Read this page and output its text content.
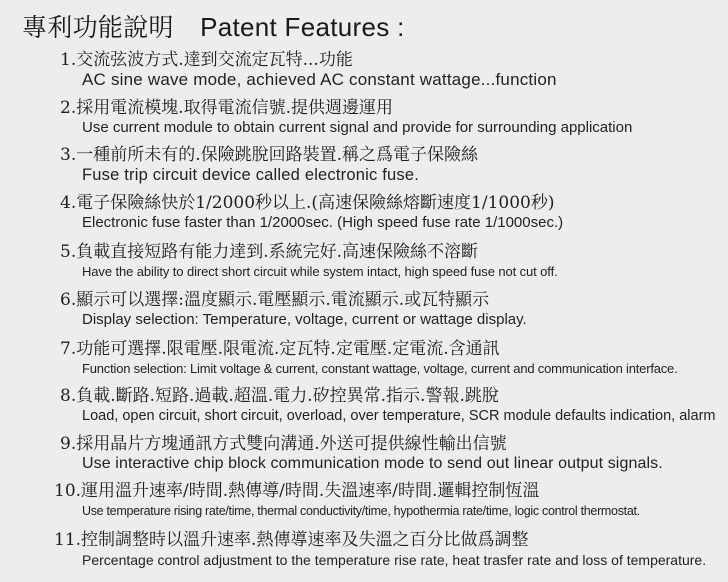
專利功能說明 Patent Features :
1.交流弦波方式.達到交流定瓦特...功能
AC sine wave mode, achieved AC constant wattage...function
2.採用電流模塊.取得電流信號.提供週邊運用
Use current module to obtain current signal and provide for surrounding application
3.一種前所未有的.保險跳脫回路裝置.稱之爲電子保險絲
Fuse trip circuit device called electronic fuse.
4.電子保險絲快於1/2000秒以上.(高速保險絲熔斷速度1/1000秒)
Electronic fuse faster than 1/2000sec. (High speed fuse rate 1/1000sec.)
5.負載直接短路有能力達到.系統完好.高速保險絲不溶斷
Have the ability to direct short circuit while system intact, high speed fuse not cut off.
6.顯示可以選擇:溫度顯示.電壓顯示.電流顯示.或瓦特顯示
Display selection: Temperature, voltage, current or wattage display.
7.功能可選擇.限電壓.限電流.定瓦特.定電壓.定電流.含通訊
Function selection: Limit voltage & current, constant wattage, voltage, current and communication interface.
8.負載.斷路.短路.過載.超溫.電力.矽控異常.指示.警報.跳脫
Load, open circuit, short circuit, overload, over temperature, SCR module defaults indication, alarm
9.採用晶片方塊通訊方式雙向溝通.外送可提供線性輸出信號
Use interactive chip block communication mode to send out linear output signals.
10.運用溫升速率/時間.熱傳導/時間.失溫速率/時間.邏輯控制恆溫
Use temperature rising rate/time, thermal conductivity/time, hypothermia rate/time, logic control thermostat.
11.控制調整時以溫升速率.熱傳導速率及失溫之百分比做爲調整
Percentage control adjustment to the temperature rise rate, heat trasfer rate and loss of temperature.
